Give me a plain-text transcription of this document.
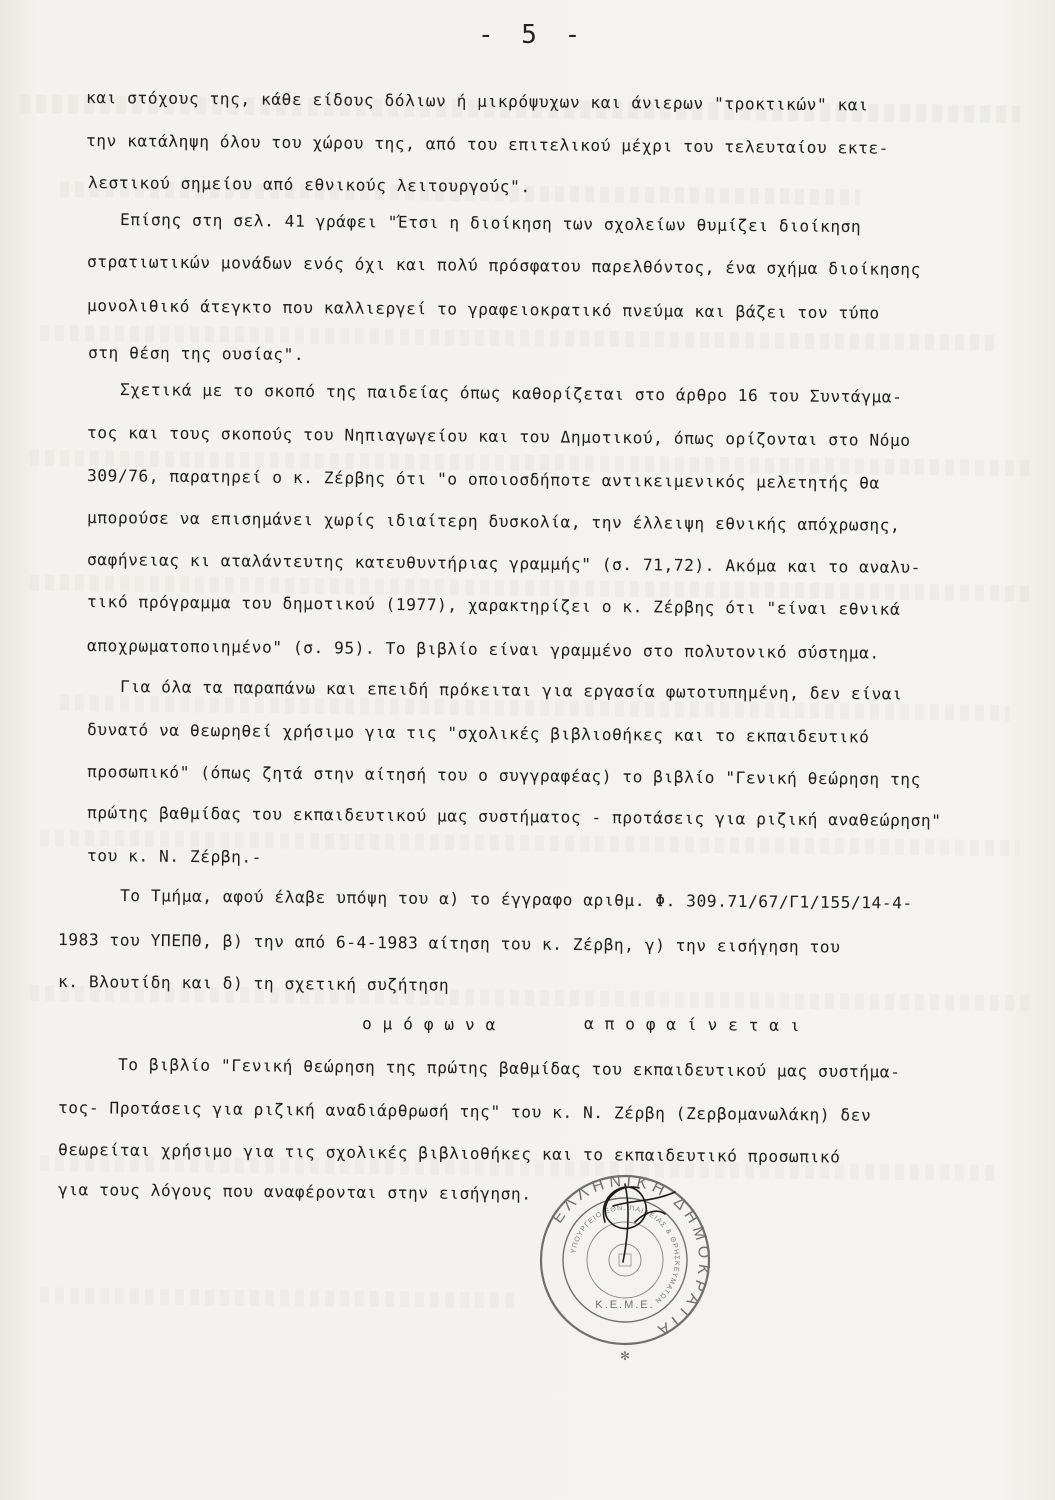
- 5 -
και στόχους της, κάθε είδους δόλιων ή μικρόψυχων και άνιερων "τροκτικών" και
την κατάληψη όλου του χώρου της, από του επιτελικού μέχρι του τελευταίου εκτε-
λεστικού σημείου από εθνικούς λειτουργούς".
Επίσης στη σελ. 41 γράφει "Έτσι η διοίκηση των σχολείων θυμίζει διοίκηση
στρατιωτικών μονάδων ενός όχι και πολύ πρόσφατου παρελθόντος, ένα σχήμα διοίκησης
μονολιθικό άτεγκτο που καλλιεργεί το γραφειοκρατικό πνεύμα και βάζει τον τύπο
στη θέση της ουσίας".
Σχετικά με το σκοπό της παιδείας όπως καθορίζεται στο άρθρο 16 του Συντάγμα-
τος και τους σκοπούς του Νηπιαγωγείου και του Δημοτικού, όπως ορίζονται στο Νόμο
309/76, παρατηρεί ο κ. Ζέρβης ότι "ο οποιοσδήποτε αντικειμενικός μελετητής θα
μπορούσε να επισημάνει χωρίς ιδιαίτερη δυσκολία, την έλλειψη εθνικής απόχρωσης,
σαφήνειας κι αταλάντευτης κατευθυντήριας γραμμής" (σ. 71,72). Ακόμα και το αναλυ-
τικό πρόγραμμα του δημοτικού (1977), χαρακτηρίζει ο κ. Ζέρβης ότι "είναι εθνικά
αποχρωματοποιημένο" (σ. 95). Το βιβλίο είναι γραμμένο στο πολυτονικό σύστημα.
Για όλα τα παραπάνω και επειδή πρόκειται για εργασία φωτοτυπημένη, δεν είναι
δυνατό να θεωρηθεί χρήσιμο για τις "σχολικές βιβλιοθήκες και το εκπαιδευτικό
προσωπικό" (όπως ζητά στην αίτησή του ο συγγραφέας) το βιβλίο "Γενική θεώρηση της
πρώτης βαθμίδας του εκπαιδευτικού μας συστήματος - προτάσεις για ριζική αναθεώρηση"
του κ. Ν. Ζέρβη.-
Το Τμήμα, αφού έλαβε υπόψη του α) το έγγραφο αριθμ. Φ. 309.71/67/Γ1/155/14-4-
1983 του ΥΠΕΠΘ, β) την από 6-4-1983 αίτηση του κ. Ζέρβη, γ) την εισήγηση του
κ. Βλουτίδη και δ) τη σχετική συζήτηση
ο μ ό φ ω ν α	α π ο φ α ί ν ε τ α ι
Το βιβλίο "Γενική θεώρηση της πρώτης βαθμίδας του εκπαιδευτικού μας συστήμα-
τος- Προτάσεις για ριζική αναδιάρθρωσή της" του κ. Ν. Ζέρβη (Ζερβομανωλάκη) δεν
θεωρείται χρήσιμο για τις σχολικές βιβλιοθήκες και το εκπαιδευτικό προσωπικό
για τους λόγους που αναφέρονται στην εισήγηση.
ΕΛΛΗΝΙΚΗ ΔΗΜΟΚΡΑΤΙΑ
ΥΠΟΥΡΓΕΙΟ ΕΘΝ. ΠΑΙΔΕΙΑΣ & ΘΡΗΣΚΕΥΜΑΤΩΝ
Κ.Ε.Μ.Ε.
✻
